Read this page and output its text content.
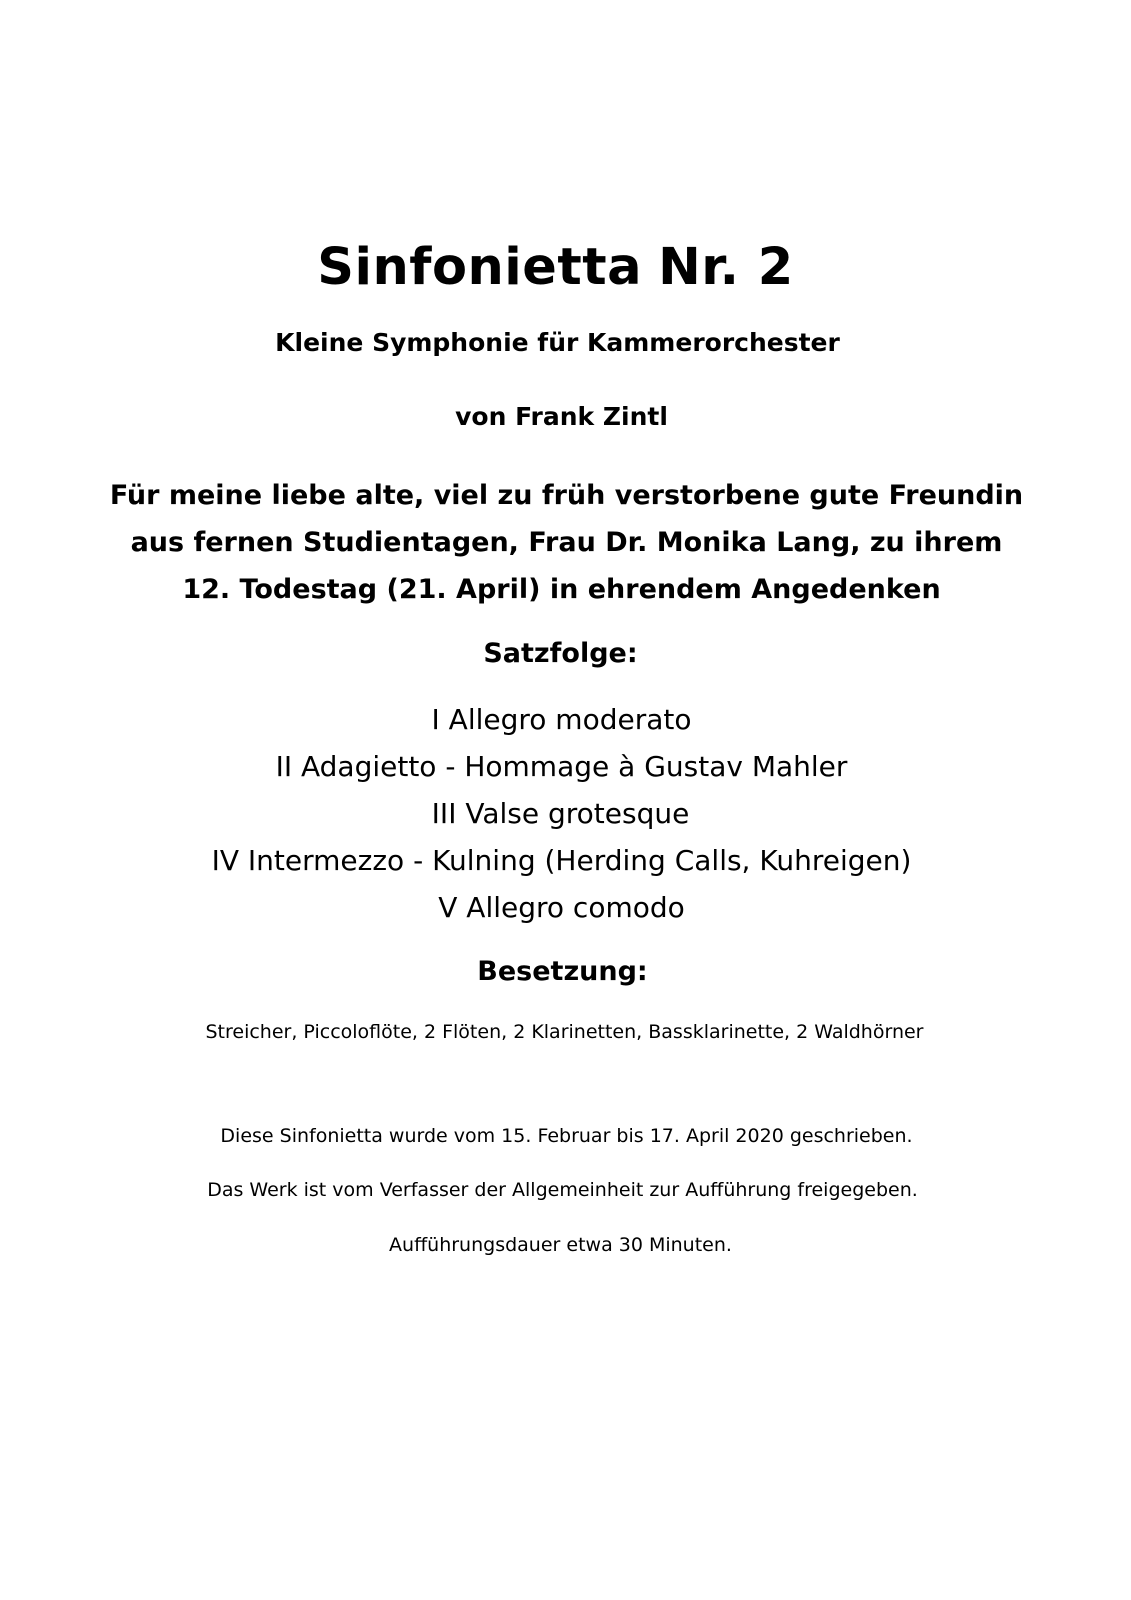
Sinfonietta Nr. 2
Kleine Symphonie für Kammerorchester
von Frank Zintl
Für meine liebe alte, viel zu früh verstorbene gute Freundin
aus fernen Studientagen, Frau Dr. Monika Lang, zu ihrem
12. Todestag (21. April) in ehrendem Angedenken
Satzfolge:
I Allegro moderato
II Adagietto - Hommage à Gustav Mahler
III Valse grotesque
IV Intermezzo - Kulning (Herding Calls, Kuhreigen)
V Allegro comodo
Besetzung:
Streicher, Piccoloflöte, 2 Flöten, 2 Klarinetten, Bassklarinette, 2 Waldhörner
Diese Sinfonietta wurde vom 15. Februar bis 17. April 2020 geschrieben.
Das Werk ist vom Verfasser der Allgemeinheit zur Aufführung freigegeben.
Aufführungsdauer etwa 30 Minuten.
